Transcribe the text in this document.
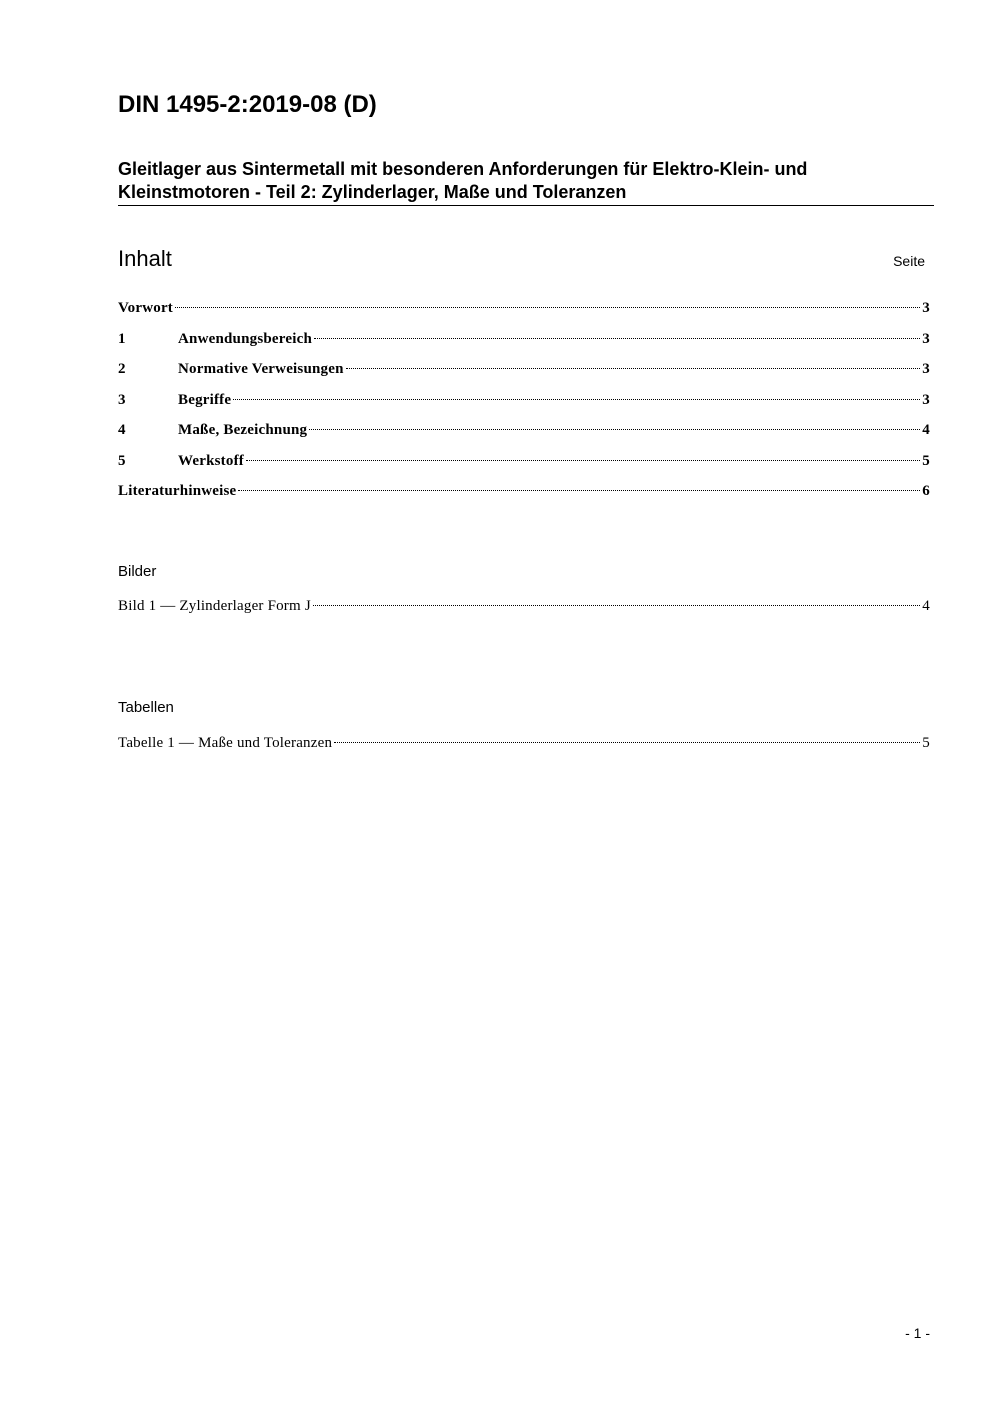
DIN 1495-2:2019-08 (D)
Gleitlager aus Sintermetall mit besonderen Anforderungen für Elektro-Klein- und
Kleinstmotoren - Teil 2: Zylinderlager, Maße und Toleranzen
Inhalt	Seite
Vorwort	3
1	Anwendungsbereich	3
2	Normative Verweisungen	3
3	Begriffe	3
4	Maße, Bezeichnung	4
5	Werkstoff	5
Literaturhinweise	6
Bilder
Bild 1 — Zylinderlager Form J	4
Tabellen
Tabelle 1 — Maße und Toleranzen	5
- 1 -
